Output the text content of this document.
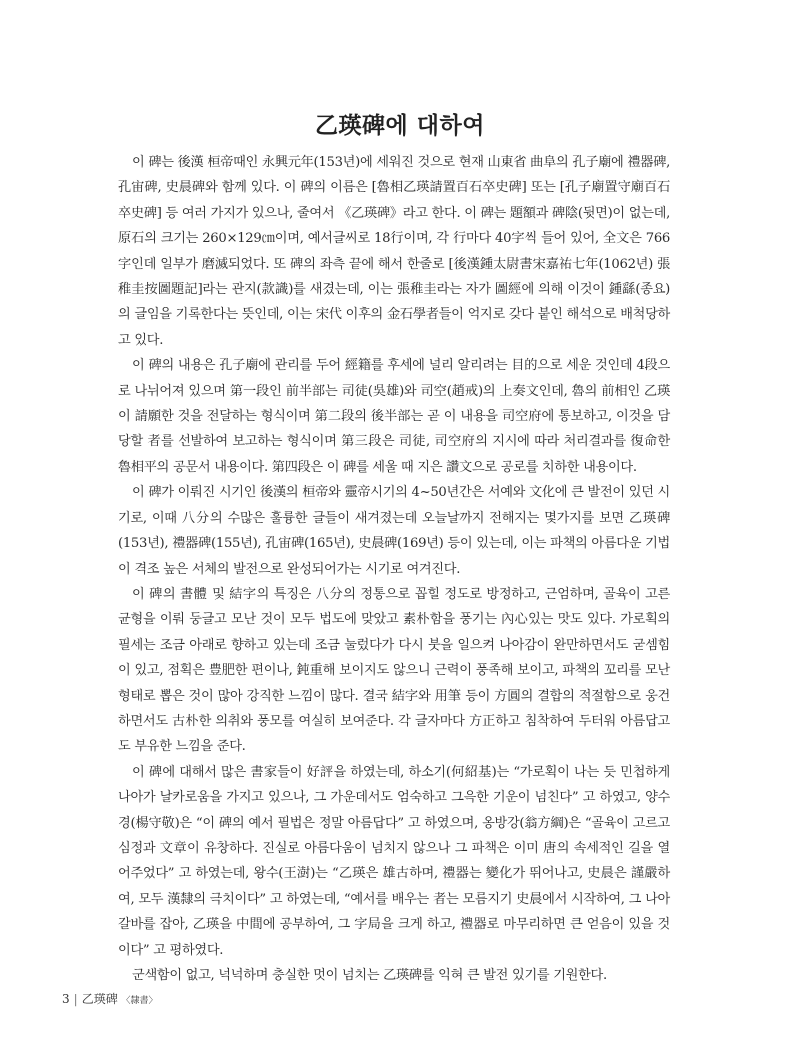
乙瑛碑에 대하여

이 碑는 後漢 桓帝때인 永興元年(153년)에 세워진 것으로 현재 山東省 曲阜의 孔子廟에 禮器碑, 孔宙碑, 史晨碑와 함께 있다. 이 碑의 이름은 [魯相乙瑛請置百石卒史碑] 또는 [孔子廟置守廟百石卒史碑] 등 여러 가지가 있으나, 줄여서 《乙瑛碑》라고 한다. 이 碑는 題額과 碑陰(뒷면)이 없는데, 原石의 크기는 260×129㎝이며, 예서글씨로 18行이며, 각 行마다 40字씩 들어 있어, 全文은 766字인데 일부가 磨滅되었다. 또 碑의 좌측 끝에 해서 한줄로 [後漢鍾太尉書宋嘉祐七年(1062년) 張稚圭按圖題記]라는 관지(款識)를 새겼는데, 이는 張稚圭라는 자가 圖經에 의해 이것이 鍾繇(종요)의 글임을 기록한다는 뜻인데, 이는 宋代 이후의 金石學者들이 억지로 갖다 붙인 해석으로 배척당하고 있다.

이 碑의 내용은 孔子廟에 관리를 두어 經籍를 후세에 널리 알리려는 目的으로 세운 것인데 4段으로 나뉘어져 있으며 第一段인 前半部는 司徒(吳雄)와 司空(趙戒)의 上奏文인데, 魯의 前相인 乙瑛이 請願한 것을 전달하는 형식이며 第二段의 後半部는 곧 이 내용을 司空府에 통보하고, 이것을 담당할 者를 선발하여 보고하는 형식이며 第三段은 司徒, 司空府의 지시에 따라 처리결과를 復命한 魯相平의 공문서 내용이다. 第四段은 이 碑를 세울 때 지은 讚文으로 공로를 치하한 내용이다.

이 碑가 이뤄진 시기인 後漢의 桓帝와 靈帝시기의 4~50년간은 서예와 文化에 큰 발전이 있던 시기로, 이때 八分의 수많은 훌륭한 글들이 새겨졌는데 오늘날까지 전해지는 몇가지를 보면 乙瑛碑(153년), 禮器碑(155년), 孔宙碑(165년), 史晨碑(169년) 등이 있는데, 이는 파책의 아름다운 기법이 격조 높은 서체의 발전으로 완성되어가는 시기로 여겨진다.

이 碑의 書體 및 結字의 특징은 八分의 정통으로 꼽힐 정도로 방정하고, 근엄하며, 골육이 고른 균형을 이뤄 둥글고 모난 것이 모두 법도에 맞았고 素朴함을 풍기는 內心있는 맛도 있다. 가로획의 필세는 조금 아래로 향하고 있는데 조금 눌렀다가 다시 붓을 일으켜 나아감이 완만하면서도 굳셈힘이 있고, 점획은 豊肥한 편이나, 鈍重해 보이지도 않으니 근력이 풍족해 보이고, 파책의 꼬리를 모난 형태로 뽑은 것이 많아 강직한 느낌이 많다. 결국 結字와 用筆 등이 方圓의 결합의 적절함으로 웅건하면서도 古朴한 의취와 풍모를 여실히 보여준다. 각 글자마다 方正하고 침착하여 두터워 아름답고도 부유한 느낌을 준다.

이 碑에 대해서 많은 書家들이 好評을 하였는데, 하소기(何紹基)는 “가로획이 나는 듯 민첩하게 나아가 날카로움을 가지고 있으나, 그 가운데서도 엄숙하고 그윽한 기운이 넘친다” 고 하였고, 양수경(楊守敬)은 “이 碑의 예서 필법은 정말 아름답다” 고 하였으며, 옹방강(翁方綱)은 “골육이 고르고 심정과 文章이 유창하다. 진실로 아름다움이 넘치지 않으나 그 파책은 이미 唐의 속세적인 길을 열어주었다” 고 하였는데, 왕수(王澍)는 “乙瑛은 雄古하며, 禮器는 變化가 뛰어나고, 史晨은 謹嚴하여, 모두 漢隸의 극치이다” 고 하였는데, “예서를 배우는 者는 모름지기 史晨에서 시작하여, 그 나아갈바를 잡아, 乙瑛을 中間에 공부하여, 그 字局을 크게 하고, 禮器로 마무리하면 큰 얻음이 있을 것이다” 고 평하였다.

군색함이 없고, 넉넉하며 충실한 멋이 넘치는 乙瑛碑를 익혀 큰 발전 있기를 기원한다.

3 | 乙瑛碑 〈隸書〉
